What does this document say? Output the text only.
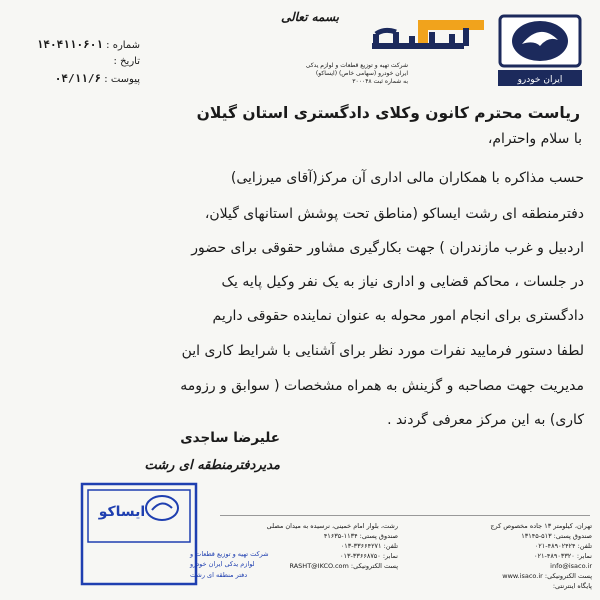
بسمه تعالی
شماره : ۱۴۰۴۱۱۰۶۰۱
تاریخ :
پیوست : ۰۴/۱۱/۶
شرکت تهیه و توزیع قطعات و لوازم یدکی
ایران خودرو (سهامی خاص) (ایساکو)
به شماره ثبت ۳۰۰۰۴۸	ایران خودرو
ریاست محترم کانون وکلای دادگستری استان گیلان
با سلام واحترام،
حسب مذاکره با همکاران مالی اداری آن مرکز(آقای میرزایی)
دفترمنطقه ای رشت ایساکو (مناطق تحت پوشش استانهای گیلان،
اردبیل و غرب مازندران ) جهت بکارگیری مشاور حقوقی برای حضور
در جلسات ، محاکم قضایی و اداری نیاز به یک نفر وکیل پایه یک
دادگستری برای انجام امور محوله به عنوان نماینده حقوقی داریم
لطفا دستور فرمایید نفرات مورد نظر برای آشنایی با شرایط کاری این
مدیریت جهت مصاحبه و گزینش به همراه مشخصات ( سوابق و رزومه
کاری) به این مرکز معرفی گردند .
علیرضا ساجدی
مدیردفترمنطقه ای رشت
ایساکو
شرکت تهیه و توزیع قطعات و
لوازم یدکی ایران خودرو
دفتر منطقه ای رشت
تهران، کیلومتر ۱۳ جاده مخصوص کرج
صندوق پستی: ۵۱۳-۱۳۱۴۵
تلفن: ۴۸۹۰۲۴۲۴-۰۲۱
نمابر: ۴۸۹۰۳۳۲۰-۰۲۱
info@isaco.ir
پست الکترونیکی: www.isaco.ir
پایگاه اینترنتی:
رشت، بلوار امام خمینی، نرسیده به میدان مصلی
صندوق پستی: ۱۱۳۴-۴۱۶۳۵
تلفن: ۳۳۶۶۴۲۷۱-۰۱۳
نمابر: ۳۳۶۶۸۷۵۰-۰۱۳
پست الکترونیکی: RASHT@IKCO.com
